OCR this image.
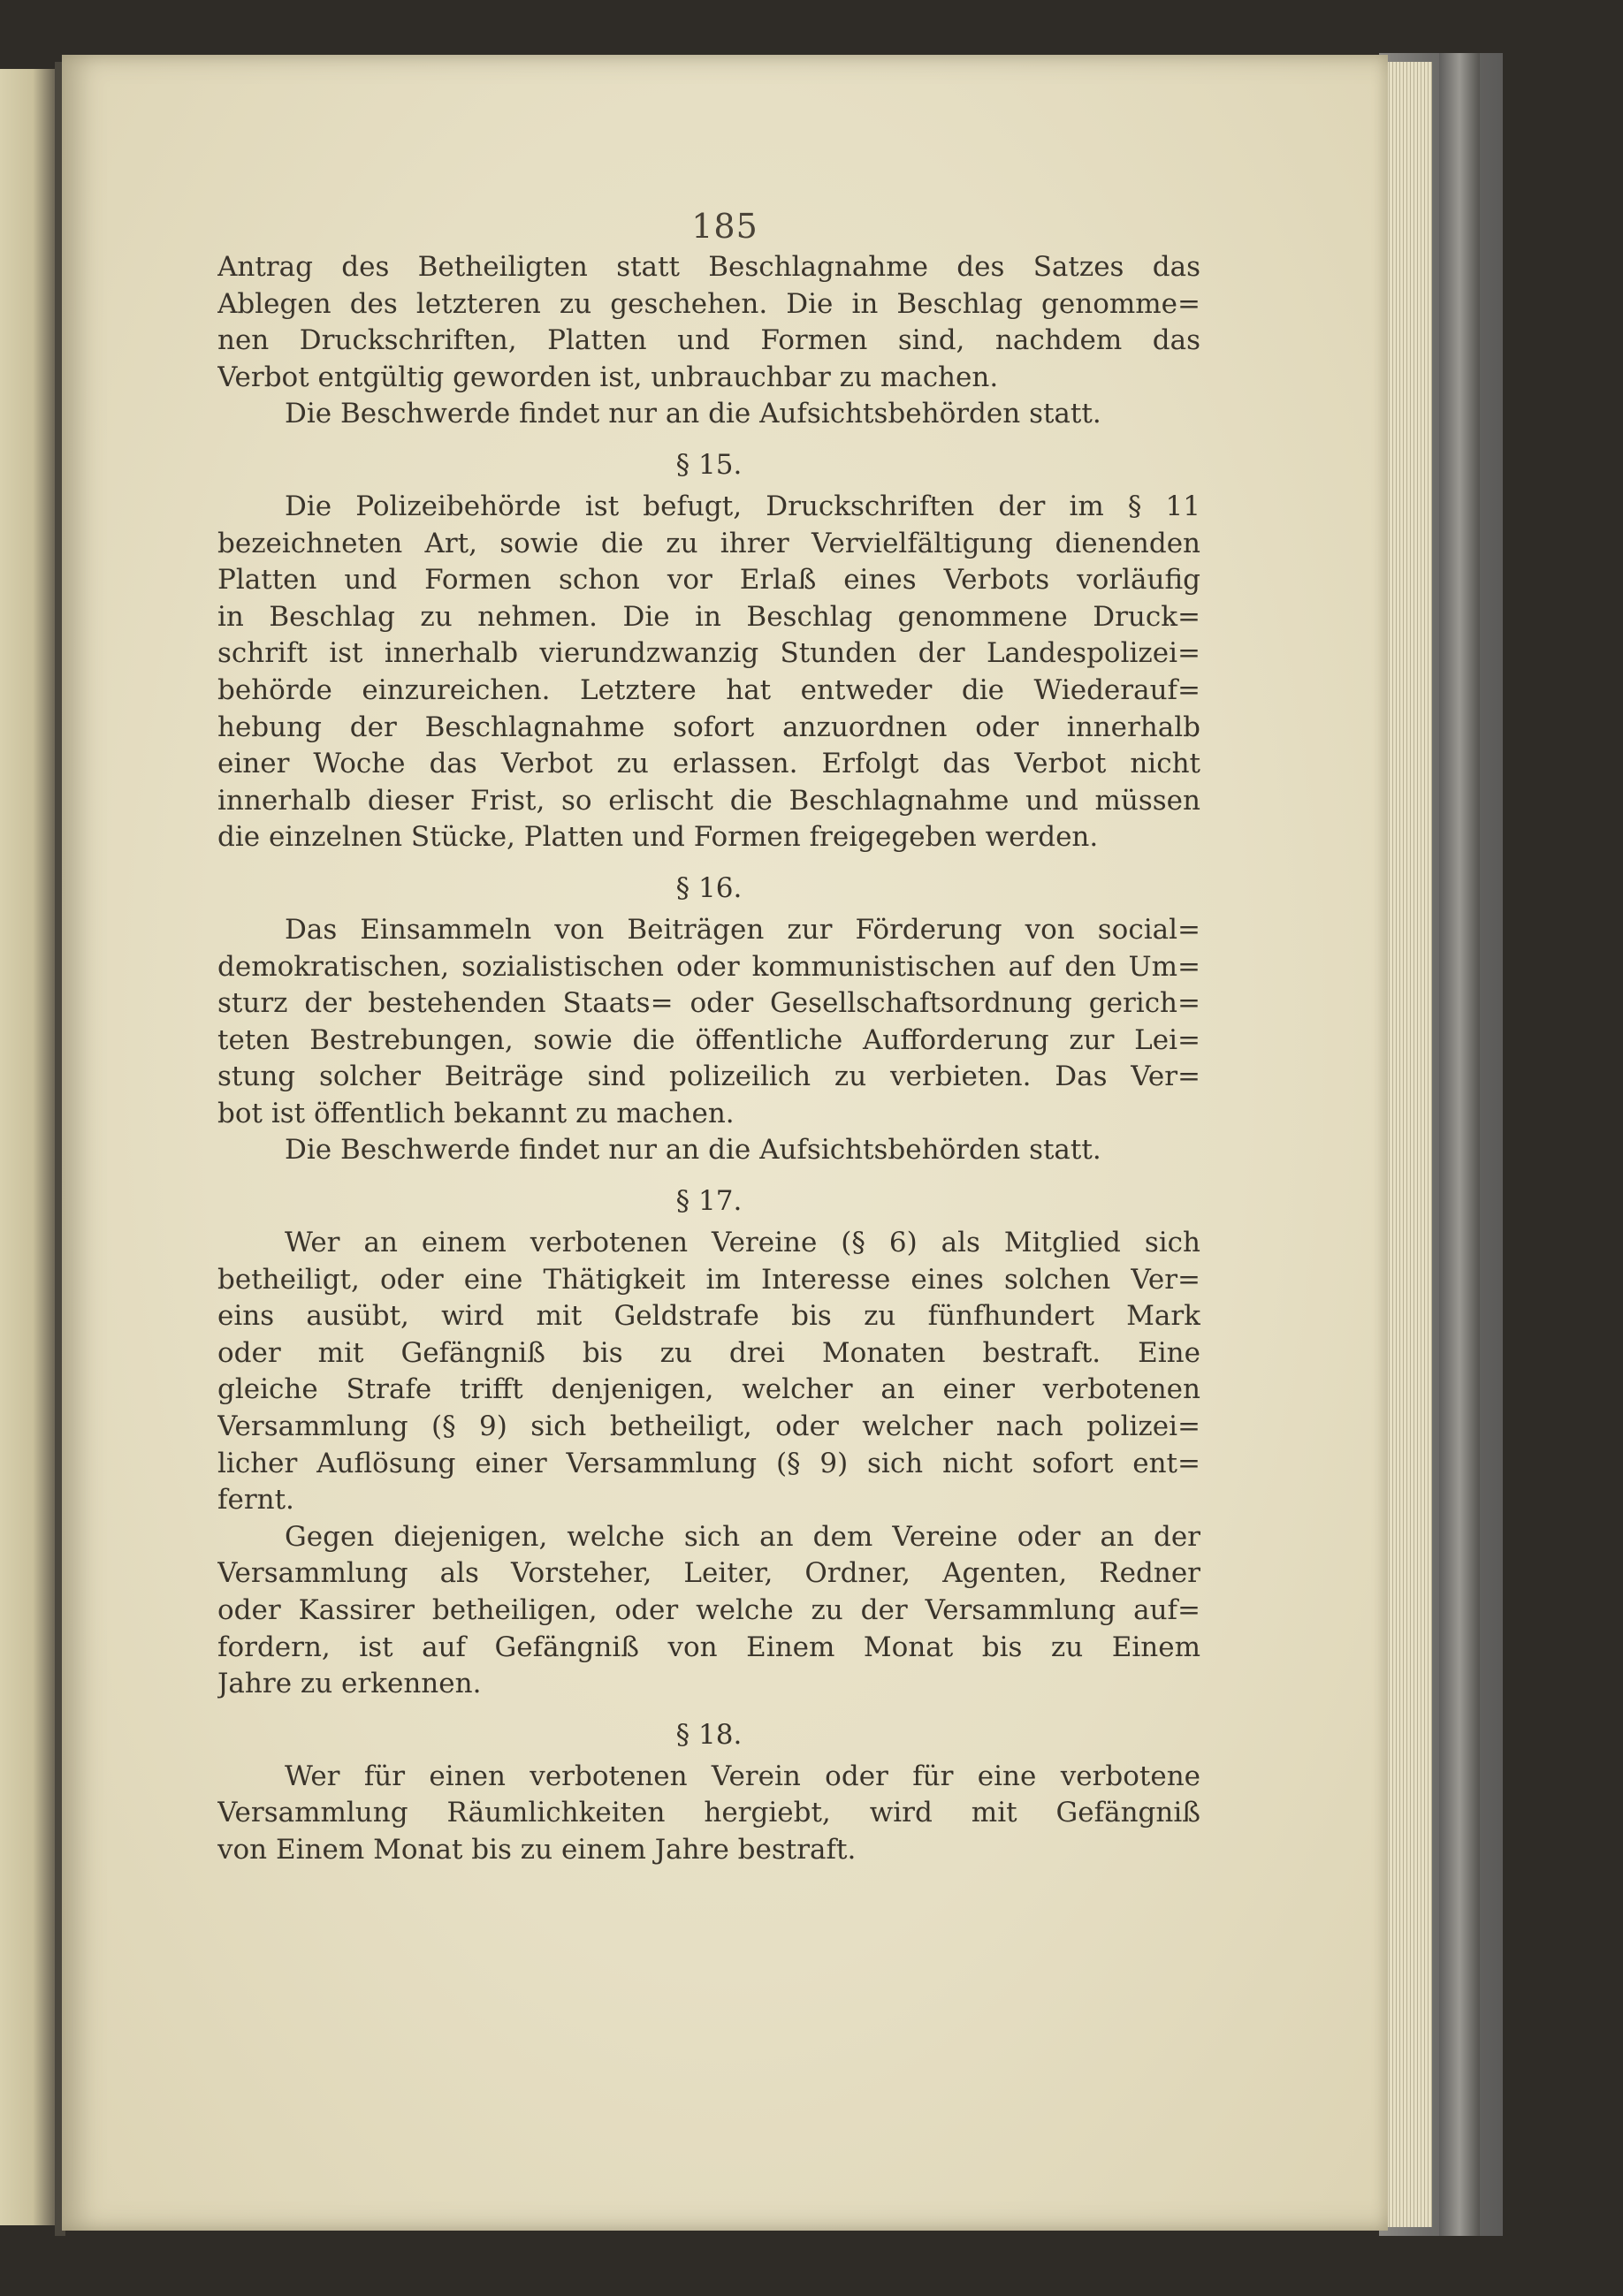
185
Antrag des Betheiligten statt Beschlagnahme des Satzes das
Ablegen des letzteren zu geschehen. Die in Beschlag genomme=
nen Druckschriften, Platten und Formen sind, nachdem das
Verbot entgültig geworden ist, unbrauchbar zu machen.
Die Beschwerde findet nur an die Aufsichtsbehörden statt.
§ 15.
Die Polizeibehörde ist befugt, Druckschriften der im § 11
bezeichneten Art, sowie die zu ihrer Vervielfältigung dienenden
Platten und Formen schon vor Erlaß eines Verbots vorläufig
in Beschlag zu nehmen. Die in Beschlag genommene Druck=
schrift ist innerhalb vierundzwanzig Stunden der Landespolizei=
behörde einzureichen. Letztere hat entweder die Wiederauf=
hebung der Beschlagnahme sofort anzuordnen oder innerhalb
einer Woche das Verbot zu erlassen. Erfolgt das Verbot nicht
innerhalb dieser Frist, so erlischt die Beschlagnahme und müssen
die einzelnen Stücke, Platten und Formen freigegeben werden.
§ 16.
Das Einsammeln von Beiträgen zur Förderung von social=
demokratischen, sozialistischen oder kommunistischen auf den Um=
sturz der bestehenden Staats= oder Gesellschaftsordnung gerich=
teten Bestrebungen, sowie die öffentliche Aufforderung zur Lei=
stung solcher Beiträge sind polizeilich zu verbieten. Das Ver=
bot ist öffentlich bekannt zu machen.
Die Beschwerde findet nur an die Aufsichtsbehörden statt.
§ 17.
Wer an einem verbotenen Vereine (§ 6) als Mitglied sich
betheiligt, oder eine Thätigkeit im Interesse eines solchen Ver=
eins ausübt, wird mit Geldstrafe bis zu fünfhundert Mark
oder mit Gefängniß bis zu drei Monaten bestraft. Eine
gleiche Strafe trifft denjenigen, welcher an einer verbotenen
Versammlung (§ 9) sich betheiligt, oder welcher nach polizei=
licher Auflösung einer Versammlung (§ 9) sich nicht sofort ent=
fernt.
Gegen diejenigen, welche sich an dem Vereine oder an der
Versammlung als Vorsteher, Leiter, Ordner, Agenten, Redner
oder Kassirer betheiligen, oder welche zu der Versammlung auf=
fordern, ist auf Gefängniß von Einem Monat bis zu Einem
Jahre zu erkennen.
§ 18.
Wer für einen verbotenen Verein oder für eine verbotene
Versammlung Räumlichkeiten hergiebt, wird mit Gefängniß
von Einem Monat bis zu einem Jahre bestraft.
